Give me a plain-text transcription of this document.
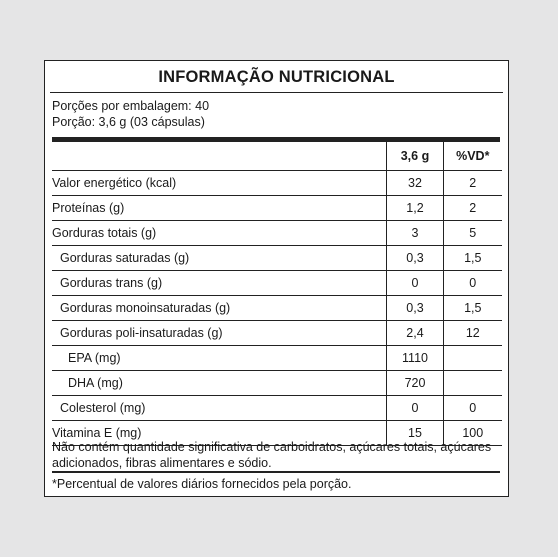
INFORMAÇÃO NUTRICIONAL
Porções por embalagem: 40
Porção: 3,6 g (03 cápsulas)
	3,6 g	%VD*
Valor energético (kcal)	32	2
Proteínas (g)	1,2	2
Gorduras totais (g)	3	5
Gorduras saturadas (g)	0,3	1,5
Gorduras trans (g)	0	0
Gorduras monoinsaturadas (g)	0,3	1,5
Gorduras poli-insaturadas (g)	2,4	12
EPA (mg)	1110	
DHA (mg)	720	
Colesterol (mg)	0	0
Vitamina E (mg)	15	100
Não contém quantidade significativa de carboidratos, açúcares totais, açúcares adicionados, fibras alimentares e sódio.
*Percentual de valores diários fornecidos pela porção.
